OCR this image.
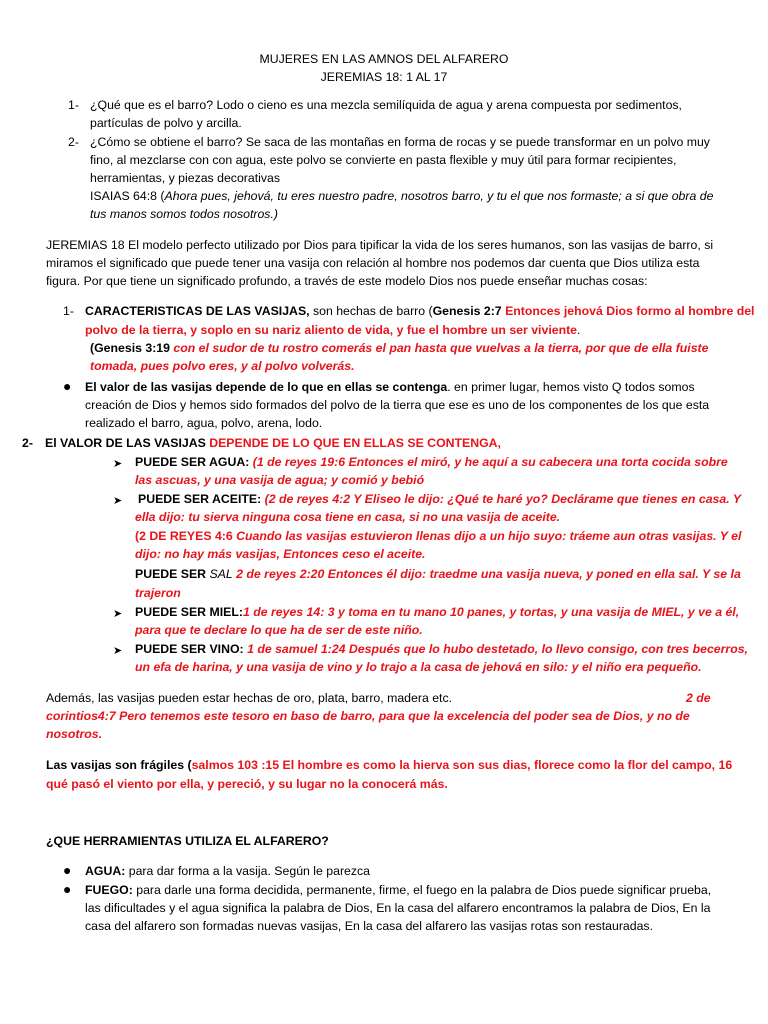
MUJERES EN LAS AMNOS DEL ALFARERO
JEREMIAS 18: 1 AL 17
1- ¿Qué que es el barro? Lodo o cieno es una mezcla semilíquida de agua y arena compuesta por sedimentos,
partículas de polvo y arcilla.
2- ¿Cómo se obtiene el barro? Se saca de las montañas en forma de rocas y se puede transformar en un polvo muy
fino, al mezclarse con con agua, este polvo se convierte en pasta flexible y muy útil para formar recipientes,
herramientas, y piezas decorativas
ISAIAS 64:8 (Ahora pues, jehová, tu eres nuestro padre, nosotros barro, y tu el que nos formaste; a si que obra de
tus manos somos todos nosotros.)
JEREMIAS 18 El modelo perfecto utilizado por Dios para tipificar la vida de los seres humanos, son las vasijas de barro, si
miramos el significado que puede tener una vasija con relación al hombre nos podemos dar cuenta que Dios utiliza esta
figura. Por que tiene un significado profundo, a través de este modelo Dios nos puede enseñar muchas cosas:
1- CARACTERISTICAS DE LAS VASIJAS, son hechas de barro (Genesis 2:7 Entonces jehová Dios formo al hombre del
polvo de la tierra, y soplo en su nariz aliento de vida, y fue el hombre un ser viviente.
(Genesis 3:19 con el sudor de tu rostro comerás el pan hasta que vuelvas a la tierra, por que de ella fuiste
tomada, pues polvo eres, y al polvo volverás.
● El valor de las vasijas depende de lo que en ellas se contenga. en primer lugar, hemos visto Q todos somos
creación de Dios y hemos sido formados del polvo de la tierra que ese es uno de los componentes de los que esta
realizado el barro, agua, polvo, arena, lodo.
2- El VALOR DE LAS VASIJAS DEPENDE DE LO QUE EN ELLAS SE CONTENGA,
➤ PUEDE SER AGUA: (1 de reyes 19:6 Entonces el miró, y he aquí a su cabecera una torta cocida sobre
las ascuas, y una vasija de agua; y comió y bebió
➤ PUEDE SER ACEITE: (2 de reyes 4:2 Y Eliseo le dijo: ¿Qué te haré yo? Declárame que tienes en casa. Y
ella dijo: tu sierva ninguna cosa tiene en casa, si no una vasija de aceite.
(2 DE REYES 4:6 Cuando las vasijas estuvieron llenas dijo a un hijo suyo: tráeme aun otras vasijas. Y el
dijo: no hay más vasijas, Entonces ceso el aceite.
PUEDE SER SAL 2 de reyes 2:20 Entonces él dijo: traedme una vasija nueva, y poned en ella sal. Y se la
trajeron
➤ PUEDE SER MIEL:1 de reyes 14: 3 y toma en tu mano 10 panes, y tortas, y una vasija de MIEL, y ve a él,
para que te declare lo que ha de ser de este niño.
➤ PUEDE SER VINO: 1 de samuel 1:24 Después que lo hubo destetado, lo llevo consigo, con tres becerros,
un efa de harina, y una vasija de vino y lo trajo a la casa de jehová en silo: y el niño era pequeño.
Además, las vasijas pueden estar hechas de oro, plata, barro, madera etc.	2 de
corintios4:7 Pero tenemos este tesoro en baso de barro, para que la excelencia del poder sea de Dios, y no de
nosotros.
Las vasijas son frágiles (salmos 103 :15 El hombre es como la hierva son sus dias, florece como la flor del campo, 16
qué pasó el viento por ella, y pereció, y su lugar no la conocerá más.
¿QUE HERRAMIENTAS UTILIZA EL ALFARERO?
● AGUA: para dar forma a la vasija. Según le parezca
● FUEGO: para darle una forma decidida, permanente, firme, el fuego en la palabra de Dios puede significar prueba,
las dificultades y el agua significa la palabra de Dios, En la casa del alfarero encontramos la palabra de Dios, En la
casa del alfarero son formadas nuevas vasijas, En la casa del alfarero las vasijas rotas son restauradas.
